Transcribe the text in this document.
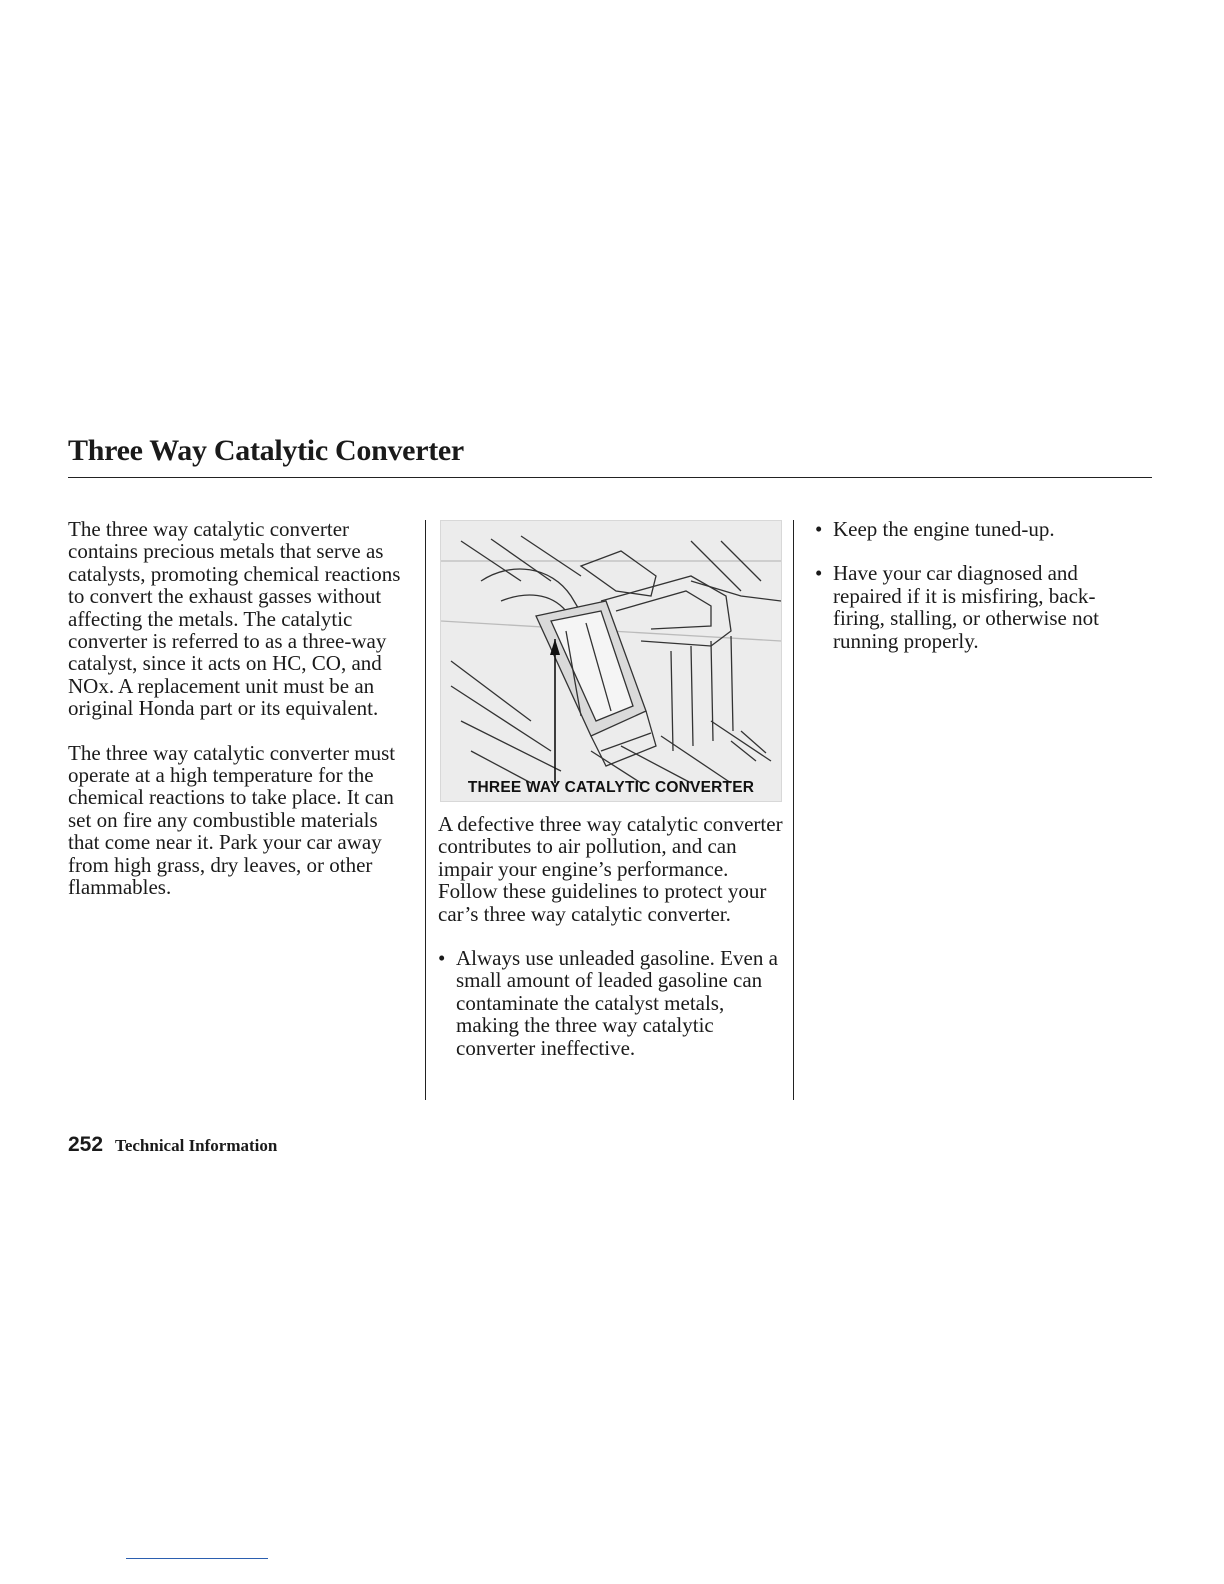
Three Way Catalytic Converter

The three way catalytic converter contains precious metals that serve as catalysts, promoting chemical reactions to convert the exhaust gasses without affecting the metals. The catalytic converter is referred to as a three-way catalyst, since it acts on HC, CO, and NOx. A replacement unit must be an original Honda part or its equivalent.

The three way catalytic converter must operate at a high temperature for the chemical reactions to take place. It can set on fire any combustible materials that come near it. Park your car away from high grass, dry leaves, or other flammables.

THREE WAY CATALYTIC CONVERTER

A defective three way catalytic converter contributes to air pollution, and can impair your engine’s performance. Follow these guidelines to protect your car’s three way catalytic converter.

• Always use unleaded gasoline. Even a small amount of leaded gasoline can contaminate the catalyst metals, making the three way catalytic converter ineffective.
• Keep the engine tuned-up.
• Have your car diagnosed and repaired if it is misfiring, backfiring, stalling, or otherwise not running properly.
252 Technical Information
